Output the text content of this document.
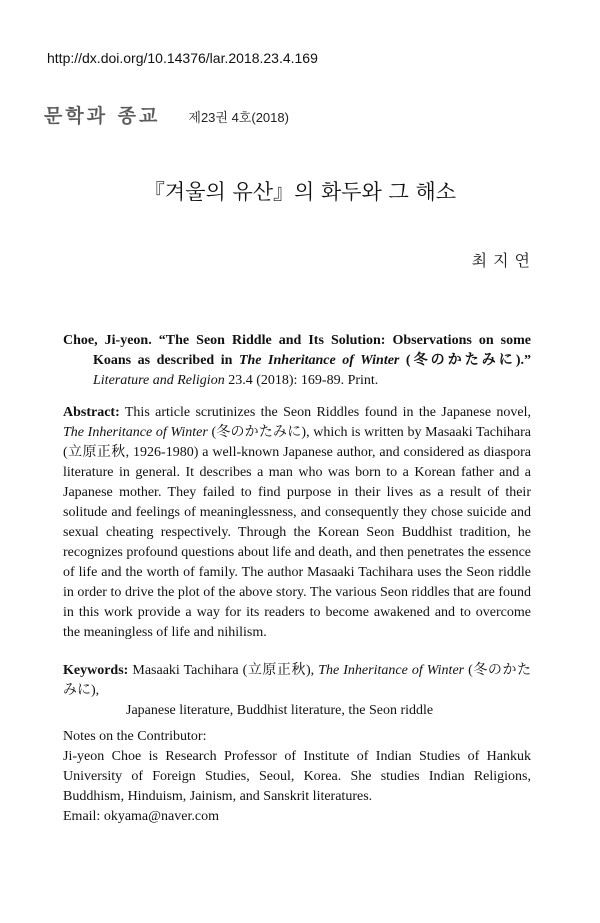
http://dx.doi.org/10.14376/lar.2018.23.4.169
문학과 종교 제23권 4호(2018)
『겨울의 유산』의 화두와 그 해소
최지연

Choe, Ji-yeon. “The Seon Riddle and Its Solution: Observations on some Koans as described in The Inheritance of Winter (冬のかたみに).” Literature and Religion 23.4 (2018): 169-89. Print.

Abstract: This article scrutinizes the Seon Riddles found in the Japanese novel, The Inheritance of Winter (冬のかたみに), which is written by Masaaki Tachihara (立原正秋, 1926-1980) a well-known Japanese author, and considered as diaspora literature in general. It describes a man who was born to a Korean father and a Japanese mother. They failed to find purpose in their lives as a result of their solitude and feelings of meaninglessness, and consequently they chose suicide and sexual cheating respectively. Through the Korean Seon Buddhist tradition, he recognizes profound questions about life and death, and then penetrates the essence of life and the worth of family. The author Masaaki Tachihara uses the Seon riddle in order to drive the plot of the above story. The various Seon riddles that are found in this work provide a way for its readers to become awakened and to overcome the meaningless of life and nihilism.
Keywords: Masaaki Tachihara (立原正秋), The Inheritance of Winter (冬のかたみに),
Japanese literature, Buddhist literature, the Seon riddle

Notes on the Contributor:

Ji-yeon Choe is Research Professor of Institute of Indian Studies of Hankuk University of Foreign Studies, Seoul, Korea. She studies Indian Religions, Buddhism, Hinduism, Jainism, and Sanskrit literatures.

Email: okyama@naver.com
